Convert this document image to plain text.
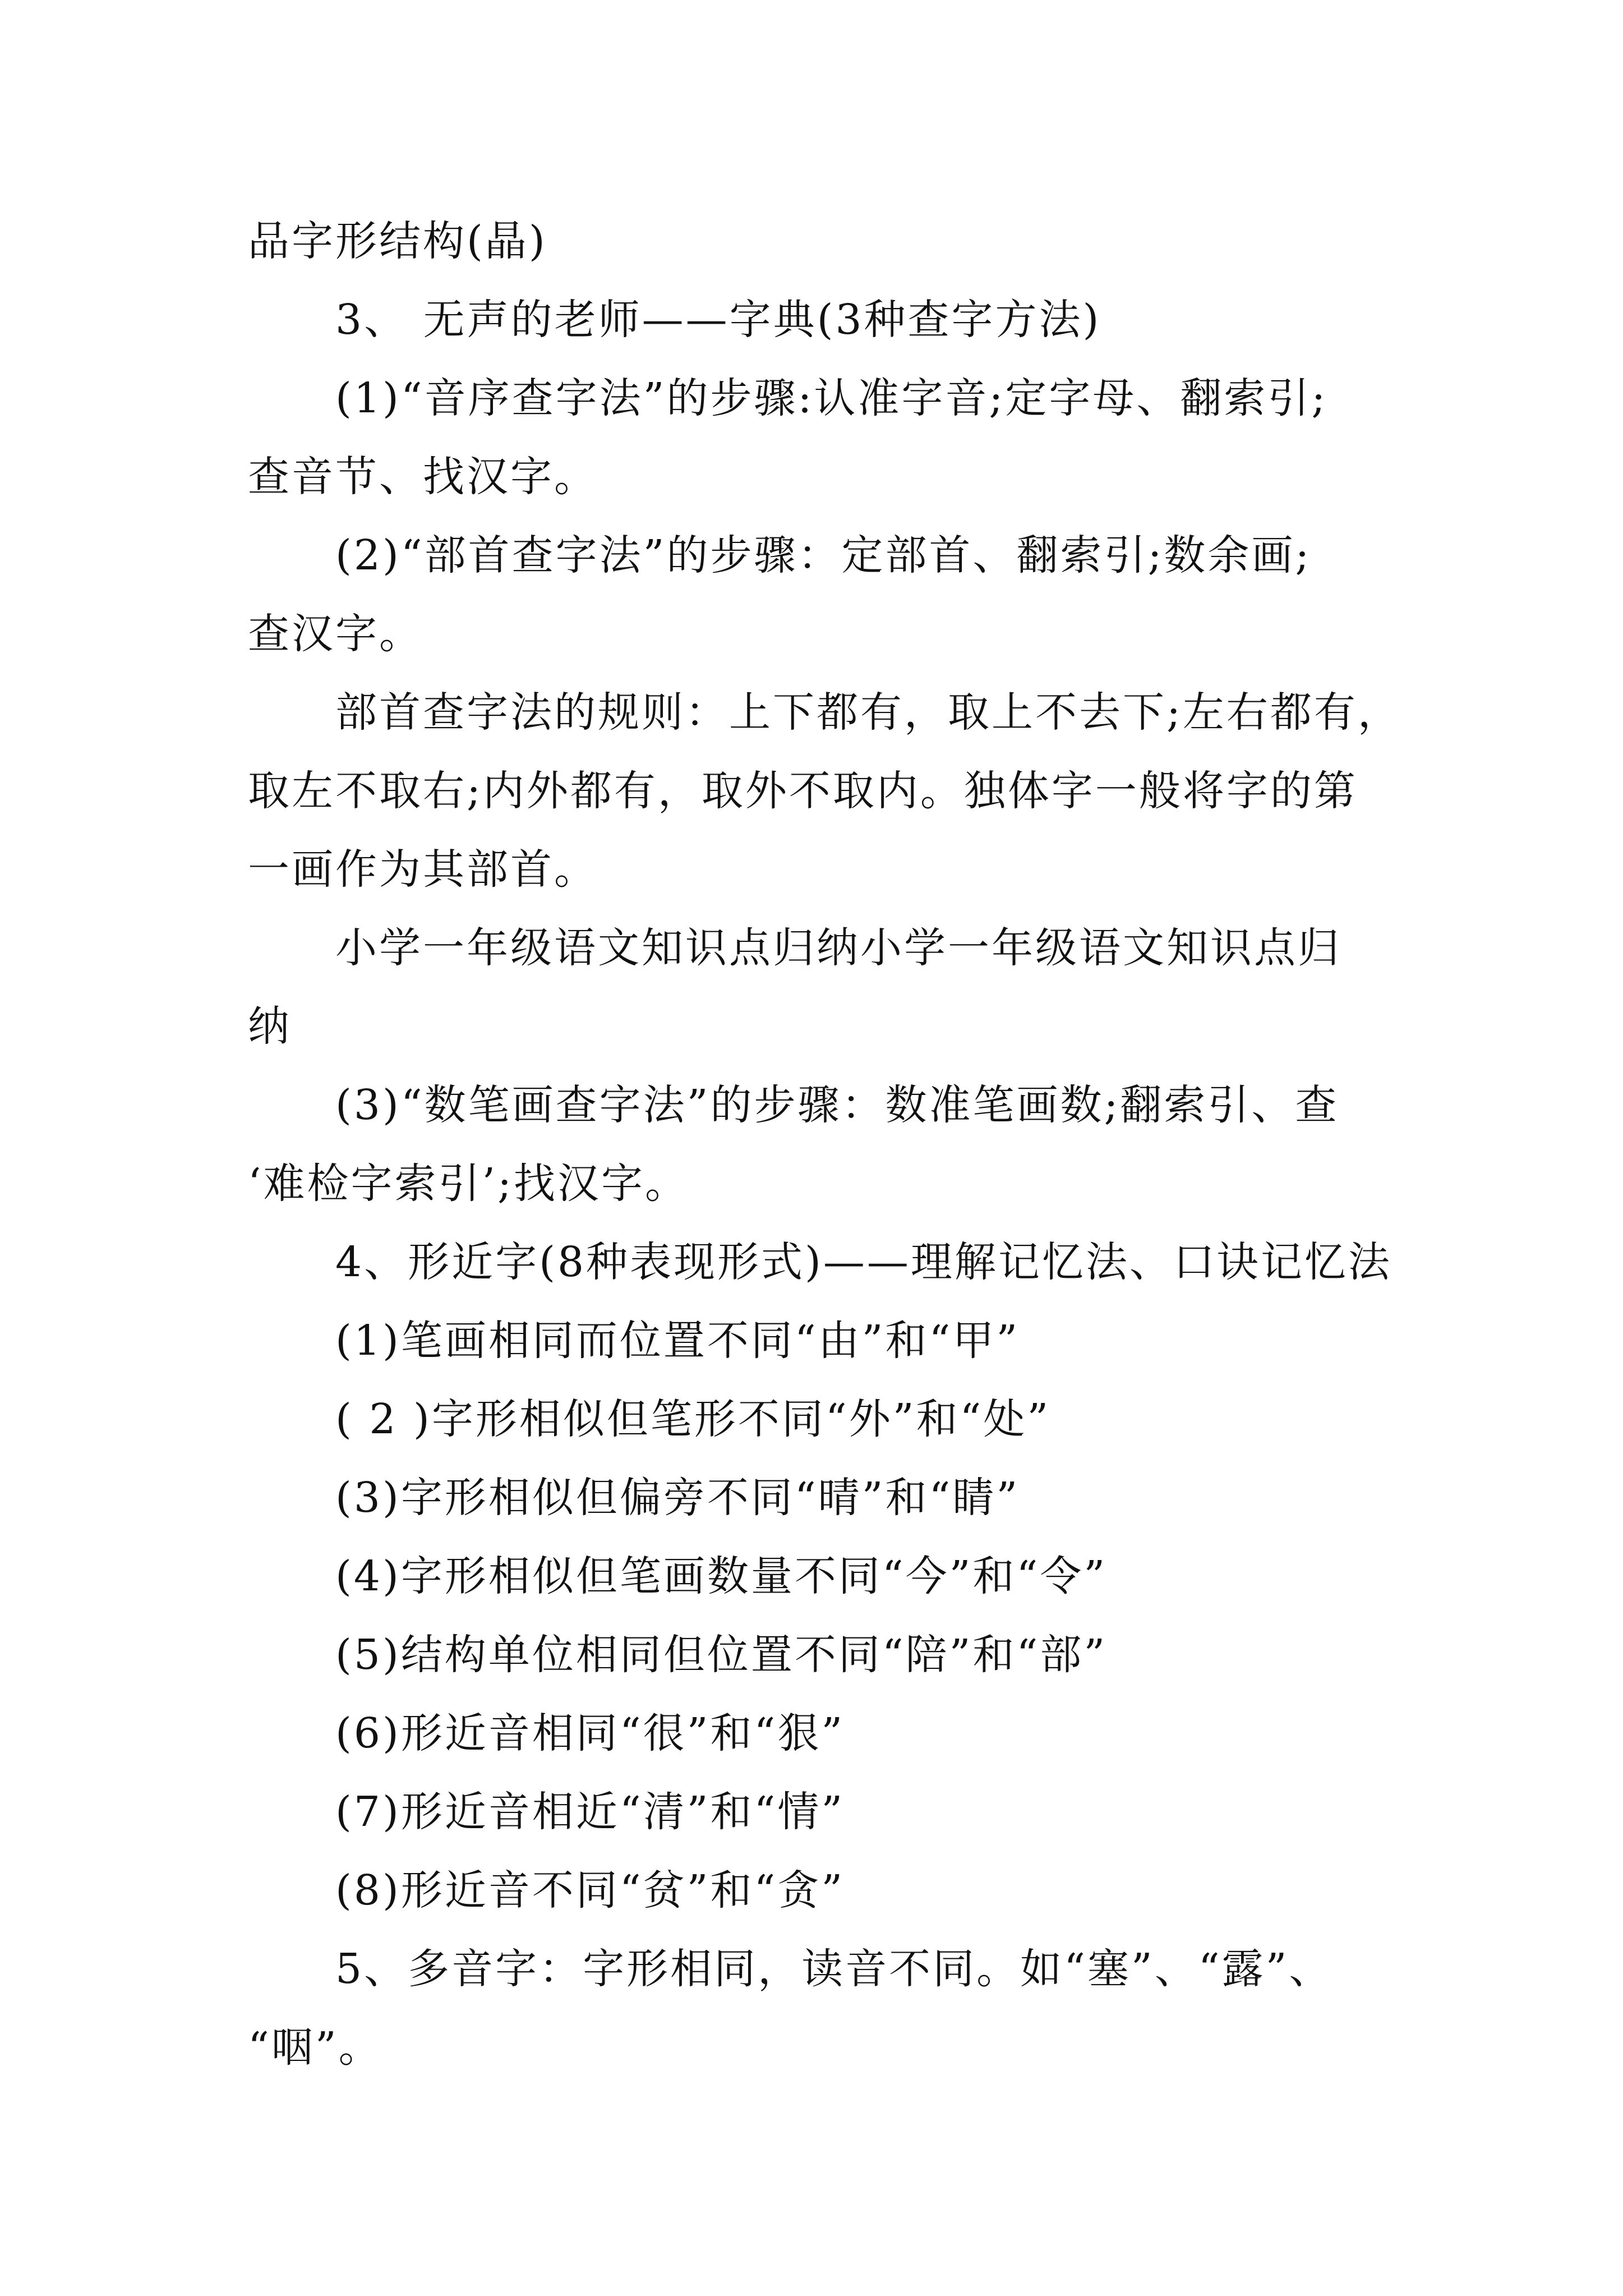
品字形结构(晶)
3、 无声的老师——字典(3种查字方法)
(1)“音序查字法”的步骤:认准字音;定字母、翻索引;
查音节、找汉字。
(2)“部首查字法”的步骤：定部首、翻索引;数余画;
查汉字。
部首查字法的规则：上下都有，取上不去下;左右都有，
取左不取右;内外都有，取外不取内。独体字一般将字的第
一画作为其部首。
小学一年级语文知识点归纳小学一年级语文知识点归
纳
(3)“数笔画查字法”的步骤：数准笔画数;翻索引、查
‘难检字索引’;找汉字。
4、形近字(8种表现形式)——理解记忆法、口诀记忆法
(1)笔画相同而位置不同“由”和“甲”
( 2 )字形相似但笔形不同“外”和“处”
(3)字形相似但偏旁不同“晴”和“睛”
(4)字形相似但笔画数量不同“今”和“令”
(5)结构单位相同但位置不同“陪”和“部”
(6)形近音相同“很”和“狠”
(7)形近音相近“清”和“情”
(8)形近音不同“贫”和“贪”
5、多音字：字形相同，读音不同。如“塞”、“露”、
“咽”。
